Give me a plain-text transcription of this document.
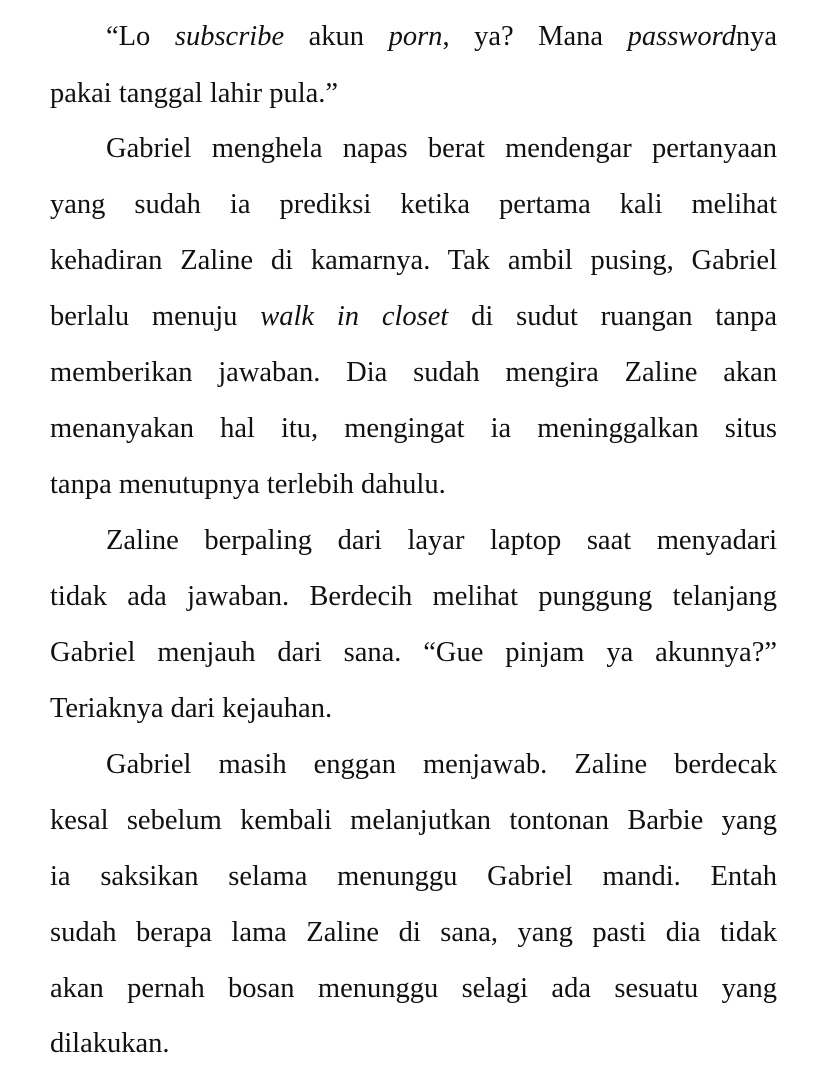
“Lo subscribe akun porn, ya? Mana passwordnya
pakai tanggal lahir pula.”
Gabriel menghela napas berat mendengar pertanyaan
yang sudah ia prediksi ketika pertama kali melihat
kehadiran Zaline di kamarnya. Tak ambil pusing, Gabriel
berlalu menuju walk in closet di sudut ruangan tanpa
memberikan jawaban. Dia sudah mengira Zaline akan
menanyakan hal itu, mengingat ia meninggalkan situs
tanpa menutupnya terlebih dahulu.
Zaline berpaling dari layar laptop saat menyadari
tidak ada jawaban. Berdecih melihat punggung telanjang
Gabriel menjauh dari sana. “Gue pinjam ya akunnya?”
Teriaknya dari kejauhan.
Gabriel masih enggan menjawab. Zaline berdecak
kesal sebelum kembali melanjutkan tontonan Barbie yang
ia saksikan selama menunggu Gabriel mandi. Entah
sudah berapa lama Zaline di sana, yang pasti dia tidak
akan pernah bosan menunggu selagi ada sesuatu yang
dilakukan.
